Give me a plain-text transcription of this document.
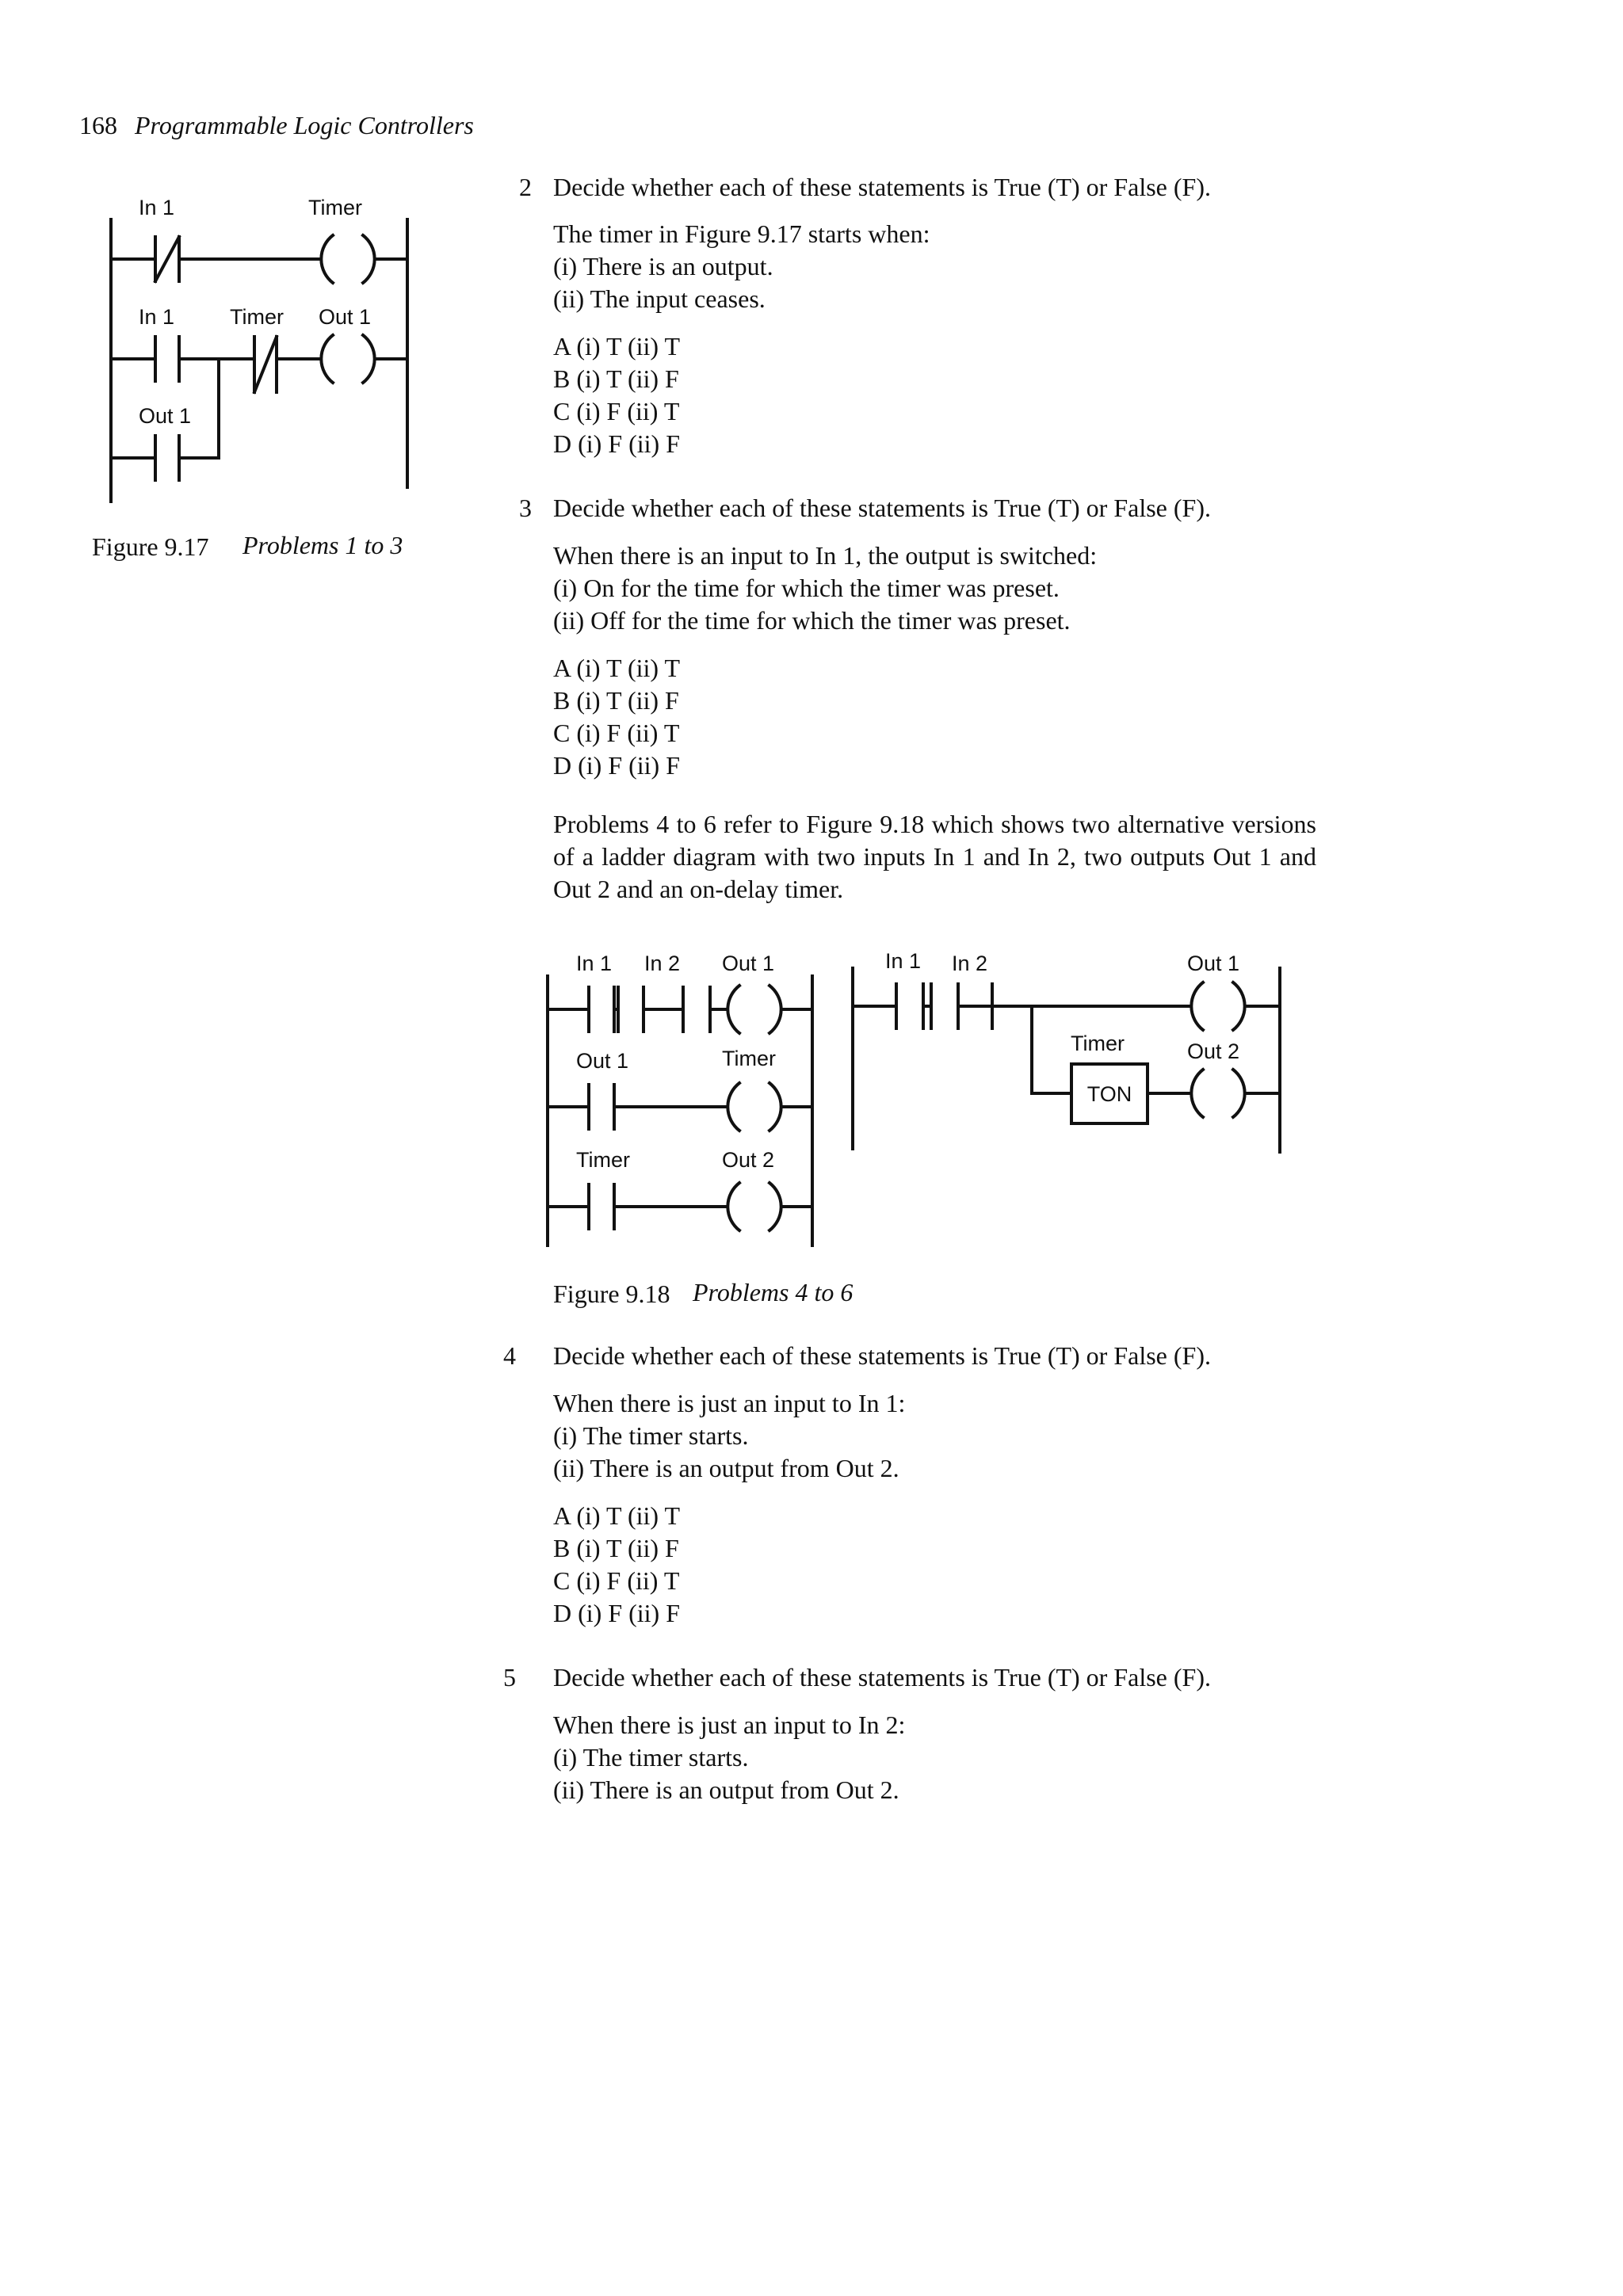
168 Programmable Logic Controllers
In 1	Timer
In 1	Timer Out 1
Out 1
Figure 9.17 Problems 1 to 3
2 Decide whether each of these statements is True (T) or False (F).
The timer in Figure 9.17 starts when:
(i) There is an output.
(ii) The input ceases.
A (i) T (ii) T
B (i) T (ii) F
C (i) F (ii) T
D (i) F (ii) F
3 Decide whether each of these statements is True (T) or False (F).
When there is an input to In 1, the output is switched:
(i) On for the time for which the timer was preset.
(ii) Off for the time for which the timer was preset.
A (i) T (ii) T
B (i) T (ii) F
C (i) F (ii) T
D (i) F (ii) F
Problems 4 to 6 refer to Figure 9.18 which shows two alternative versions of a ladder diagram with two inputs In 1 and In 2, two outputs Out 1 and Out 2 and an on-delay timer.
In 1 In 2 Out 1
Out 1	Timer
Timer	Out 2
In 1 In 2	Out 1
Timer
TON
Out 2
Figure 9.18 Problems 4 to 6
4 Decide whether each of these statements is True (T) or False (F).
When there is just an input to In 1:
(i) The timer starts.
(ii) There is an output from Out 2.
A (i) T (ii) T
B (i) T (ii) F
C (i) F (ii) T
D (i) F (ii) F
5 Decide whether each of these statements is True (T) or False (F).
When there is just an input to In 2:
(i) The timer starts.
(ii) There is an output from Out 2.
